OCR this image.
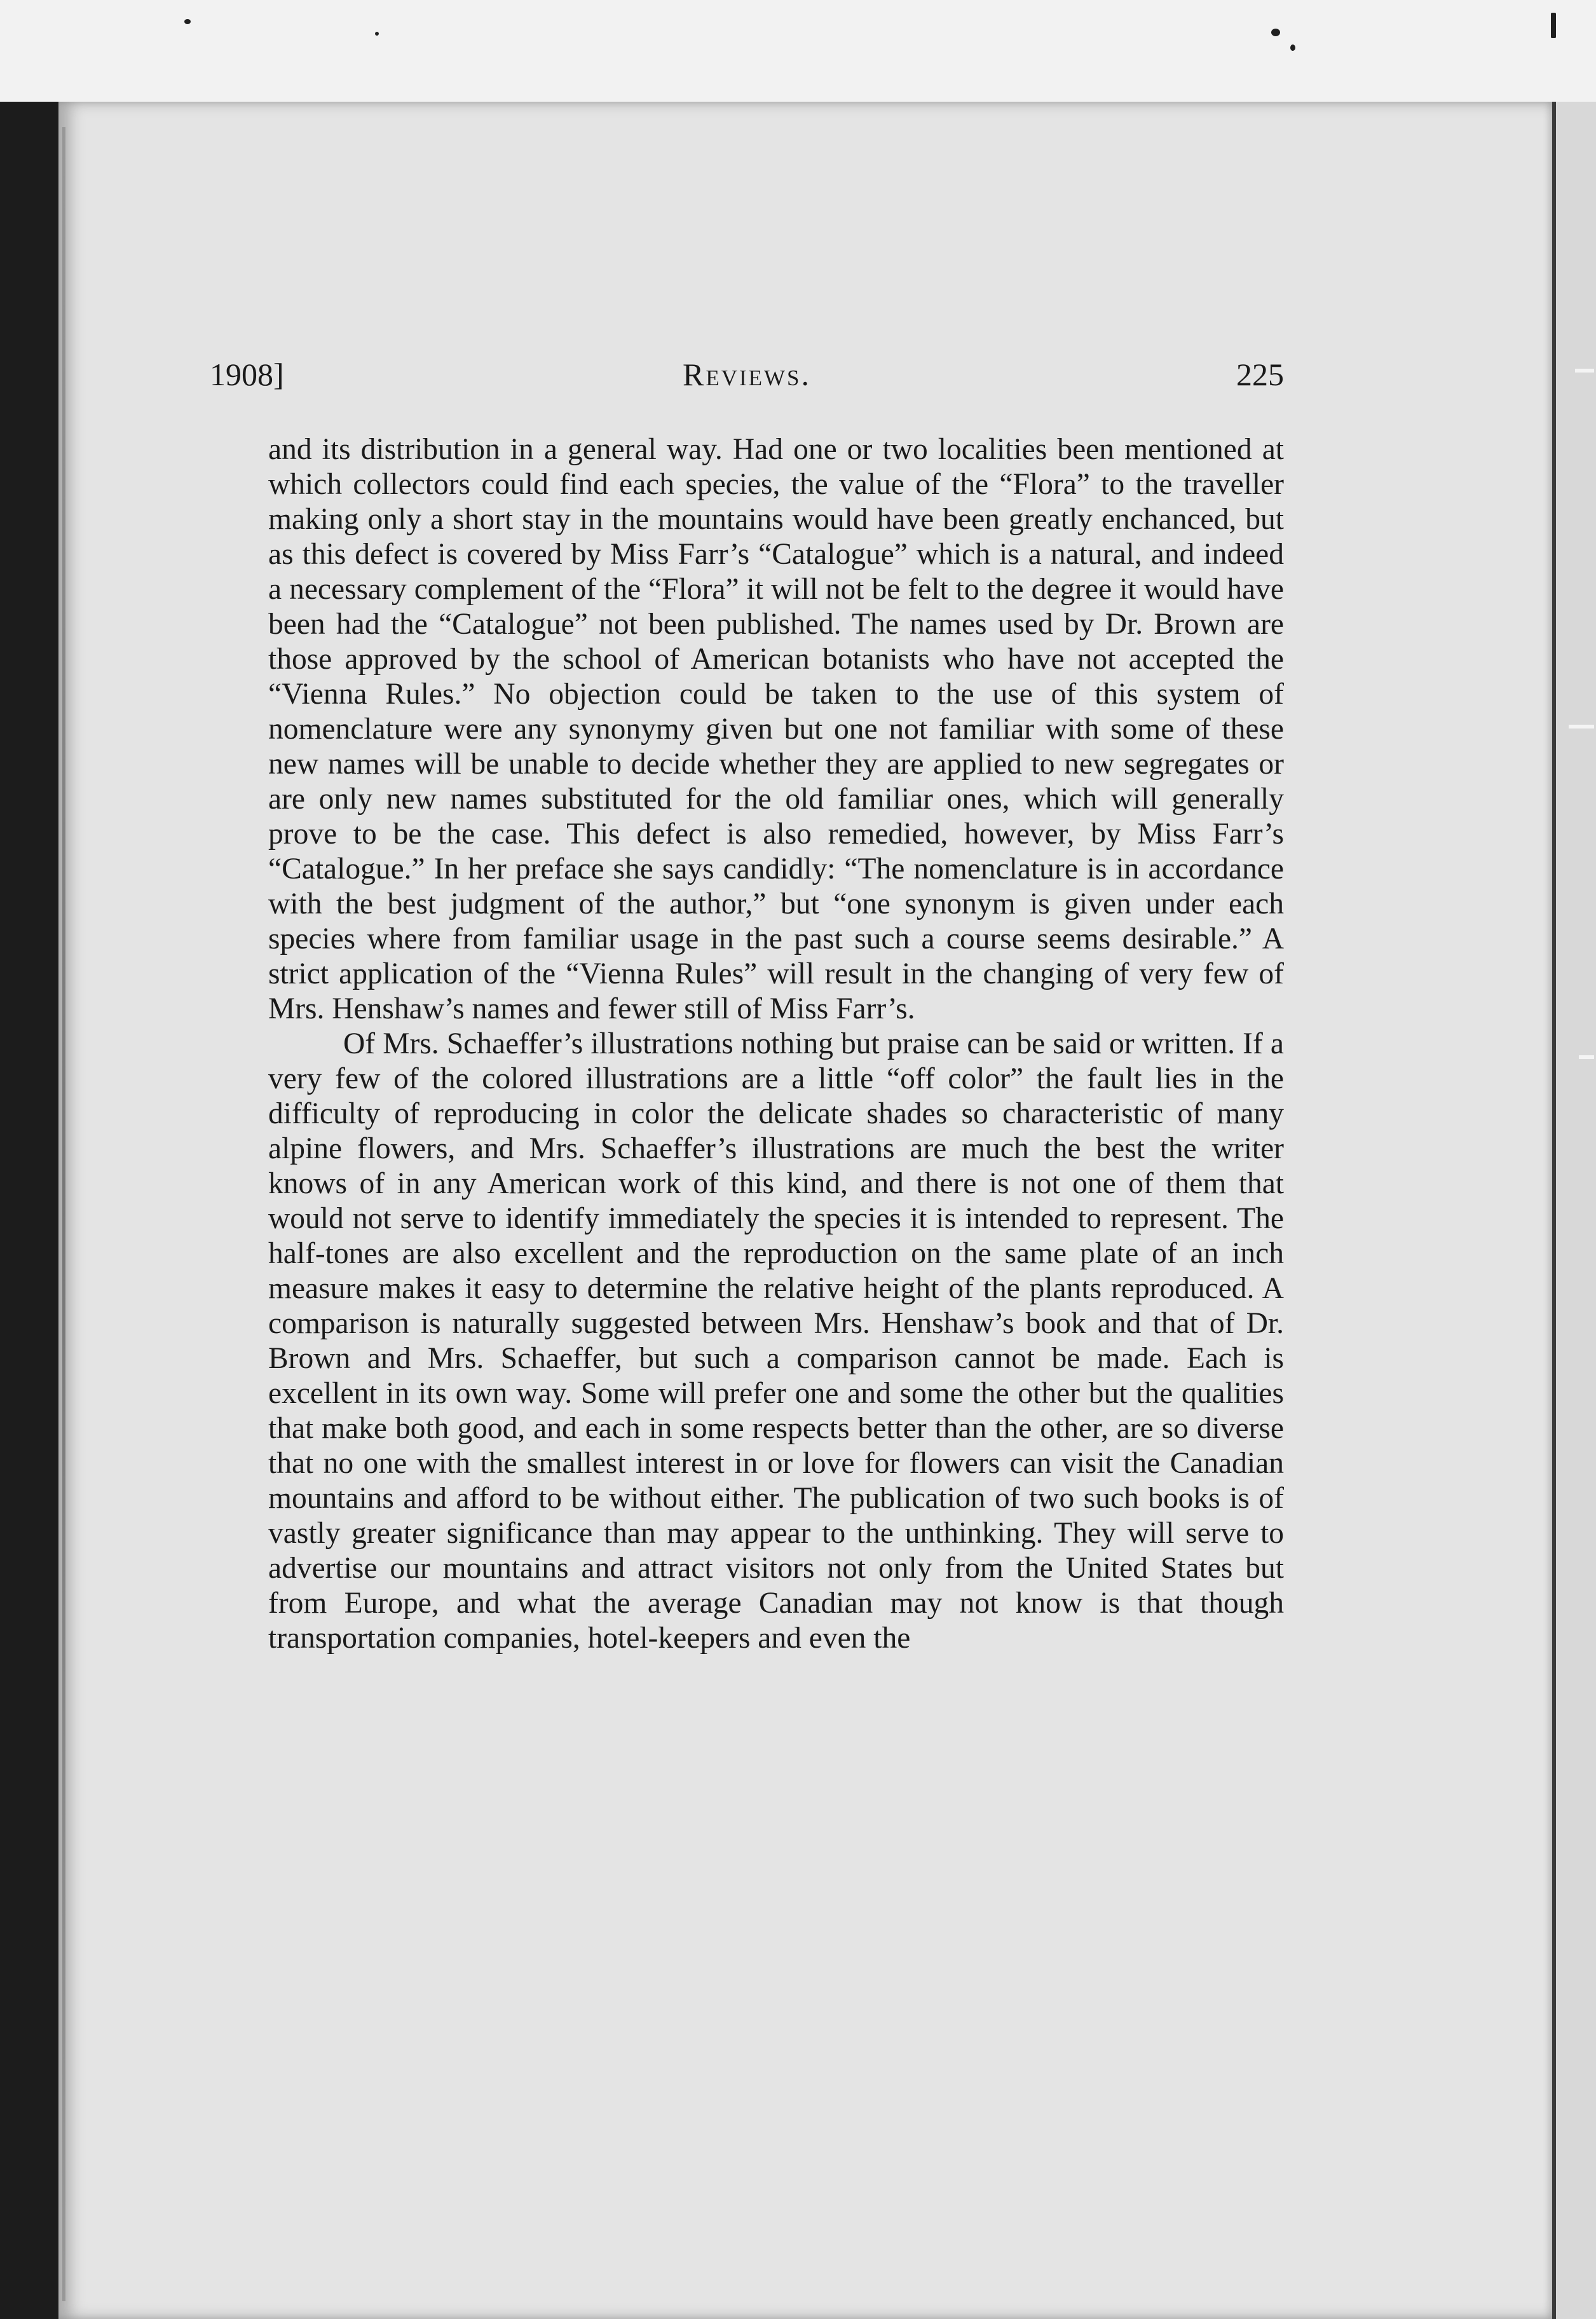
1908]	Reviews.	225

and its distribution in a general way. Had one or two localities been mentioned at which collectors could find each species, the value of the “Flora” to the traveller making only a short stay in the mountains would have been greatly enchanced, but as this defect is covered by Miss Farr’s “Catalogue” which is a natural, and indeed a necessary complement of the “Flora” it will not be felt to the degree it would have been had the “Catalogue” not been published. The names used by Dr. Brown are those approved by the school of American botanists who have not accepted the “Vienna Rules.” No objection could be taken to the use of this system of nomenclature were any synonymy given but one not familiar with some of these new names will be unable to decide whether they are applied to new segregates or are only new names substituted for the old familiar ones, which will generally prove to be the case. This defect is also remedied, however, by Miss Farr’s “Catalogue.” In her preface she says candidly: “The nomenclature is in accordance with the best judgment of the author,” but “one synonym is given under each species where from familiar usage in the past such a course seems desirable.” A strict application of the “Vienna Rules” will result in the changing of very few of Mrs. Henshaw’s names and fewer still of Miss Farr’s.

Of Mrs. Schaeffer’s illustrations nothing but praise can be said or written. If a very few of the colored illustrations are a little “off color” the fault lies in the difficulty of reproducing in color the delicate shades so characteristic of many alpine flowers, and Mrs. Schaeffer’s illustrations are much the best the writer knows of in any American work of this kind, and there is not one of them that would not serve to identify immediately the species it is intended to represent. The half-tones are also excellent and the reproduction on the same plate of an inch measure makes it easy to determine the relative height of the plants reproduced. A comparison is naturally suggested between Mrs. Henshaw’s book and that of Dr. Brown and Mrs. Schaeffer, but such a comparison cannot be made. Each is excellent in its own way. Some will prefer one and some the other but the qualities that make both good, and each in some respects better than the other, are so diverse that no one with the smallest interest in or love for flowers can visit the Canadian mountains and afford to be without either. The publication of two such books is of vastly greater significance than may appear to the unthinking. They will serve to advertise our mountains and attract visitors not only from the United States but from Europe, and what the average Canadian may not know is that though transportation companies, hotel-keepers and even the
